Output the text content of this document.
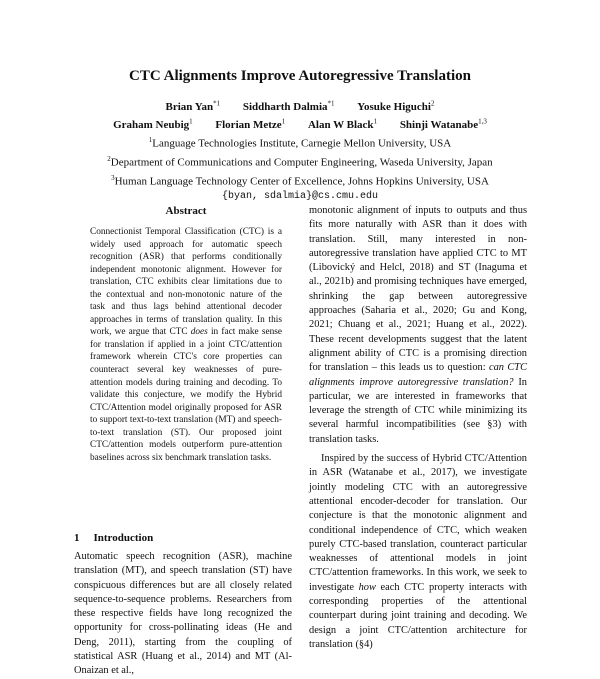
CTC Alignments Improve Autoregressive Translation
Brian Yan$^{*1}$ Siddharth Dalmia$^{*1}$ Yosuke Higuchi$^2$
Graham Neubig$^1$ Florian Metze$^1$ Alan W Black$^1$ Shinji Watanabe$^{1,3}$
$^1$Language Technologies Institute, Carnegie Mellon University, USA
$^2$Department of Communications and Computer Engineering, Waseda University, Japan
$^3$Human Language Technology Center of Excellence, Johns Hopkins University, USA
{byan, sdalmia}@cs.cmu.edu
Abstract

Connectionist Temporal Classification (CTC) is a widely used approach for automatic speech recognition (ASR) that performs conditionally independent monotonic alignment. However for translation, CTC exhibits clear limitations due to the contextual and non-monotonic nature of the task and thus lags behind attentional decoder approaches in terms of translation quality. In this work, we argue that CTC does in fact make sense for translation if applied in a joint CTC/attention framework wherein CTC's core properties can counteract several key weaknesses of pure-attention models during training and decoding. To validate this conjecture, we modify the Hybrid CTC/Attention model originally proposed for ASR to support text-to-text translation (MT) and speech-to-text translation (ST). Our proposed joint CTC/attention models outperform pure-attention baselines across six benchmark translation tasks.

1 Introduction

Automatic speech recognition (ASR), machine translation (MT), and speech translation (ST) have conspicuous differences but are all closely related sequence-to-sequence problems. Researchers from these respective fields have long recognized the opportunity for cross-pollinating ideas (He and Deng, 2011), starting from the coupling of statistical ASR (Huang et al., 2014) and MT (Al-Onaizan et al.,

monotonic alignment of inputs to outputs and thus fits more naturally with ASR than it does with translation. Still, many interested in non-autoregressive translation have applied CTC to MT (Libovický and Helcl, 2018) and ST (Inaguma et al., 2021b) and promising techniques have emerged, shrinking the gap between autoregressive approaches (Saharia et al., 2020; Gu and Kong, 2021; Chuang et al., 2021; Huang et al., 2022). These recent developments suggest that the latent alignment ability of CTC is a promising direction for translation – this leads us to question: can CTC alignments improve autoregressive translation? In particular, we are interested in frameworks that leverage the strength of CTC while minimizing its several harmful incompatibilities (see §3) with translation tasks.

Inspired by the success of Hybrid CTC/Attention in ASR (Watanabe et al., 2017), we investigate jointly modeling CTC with an autoregressive attentional encoder-decoder for translation. Our conjecture is that the monotonic alignment and conditional independence of CTC, which weaken purely CTC-based translation, counteract particular weaknesses of attentional models in joint CTC/attention frameworks. In this work, we seek to investigate how each CTC property interacts with corresponding properties of the attentional counterpart during joint training and decoding. We design a joint CTC/attention architecture for translation (§4)
